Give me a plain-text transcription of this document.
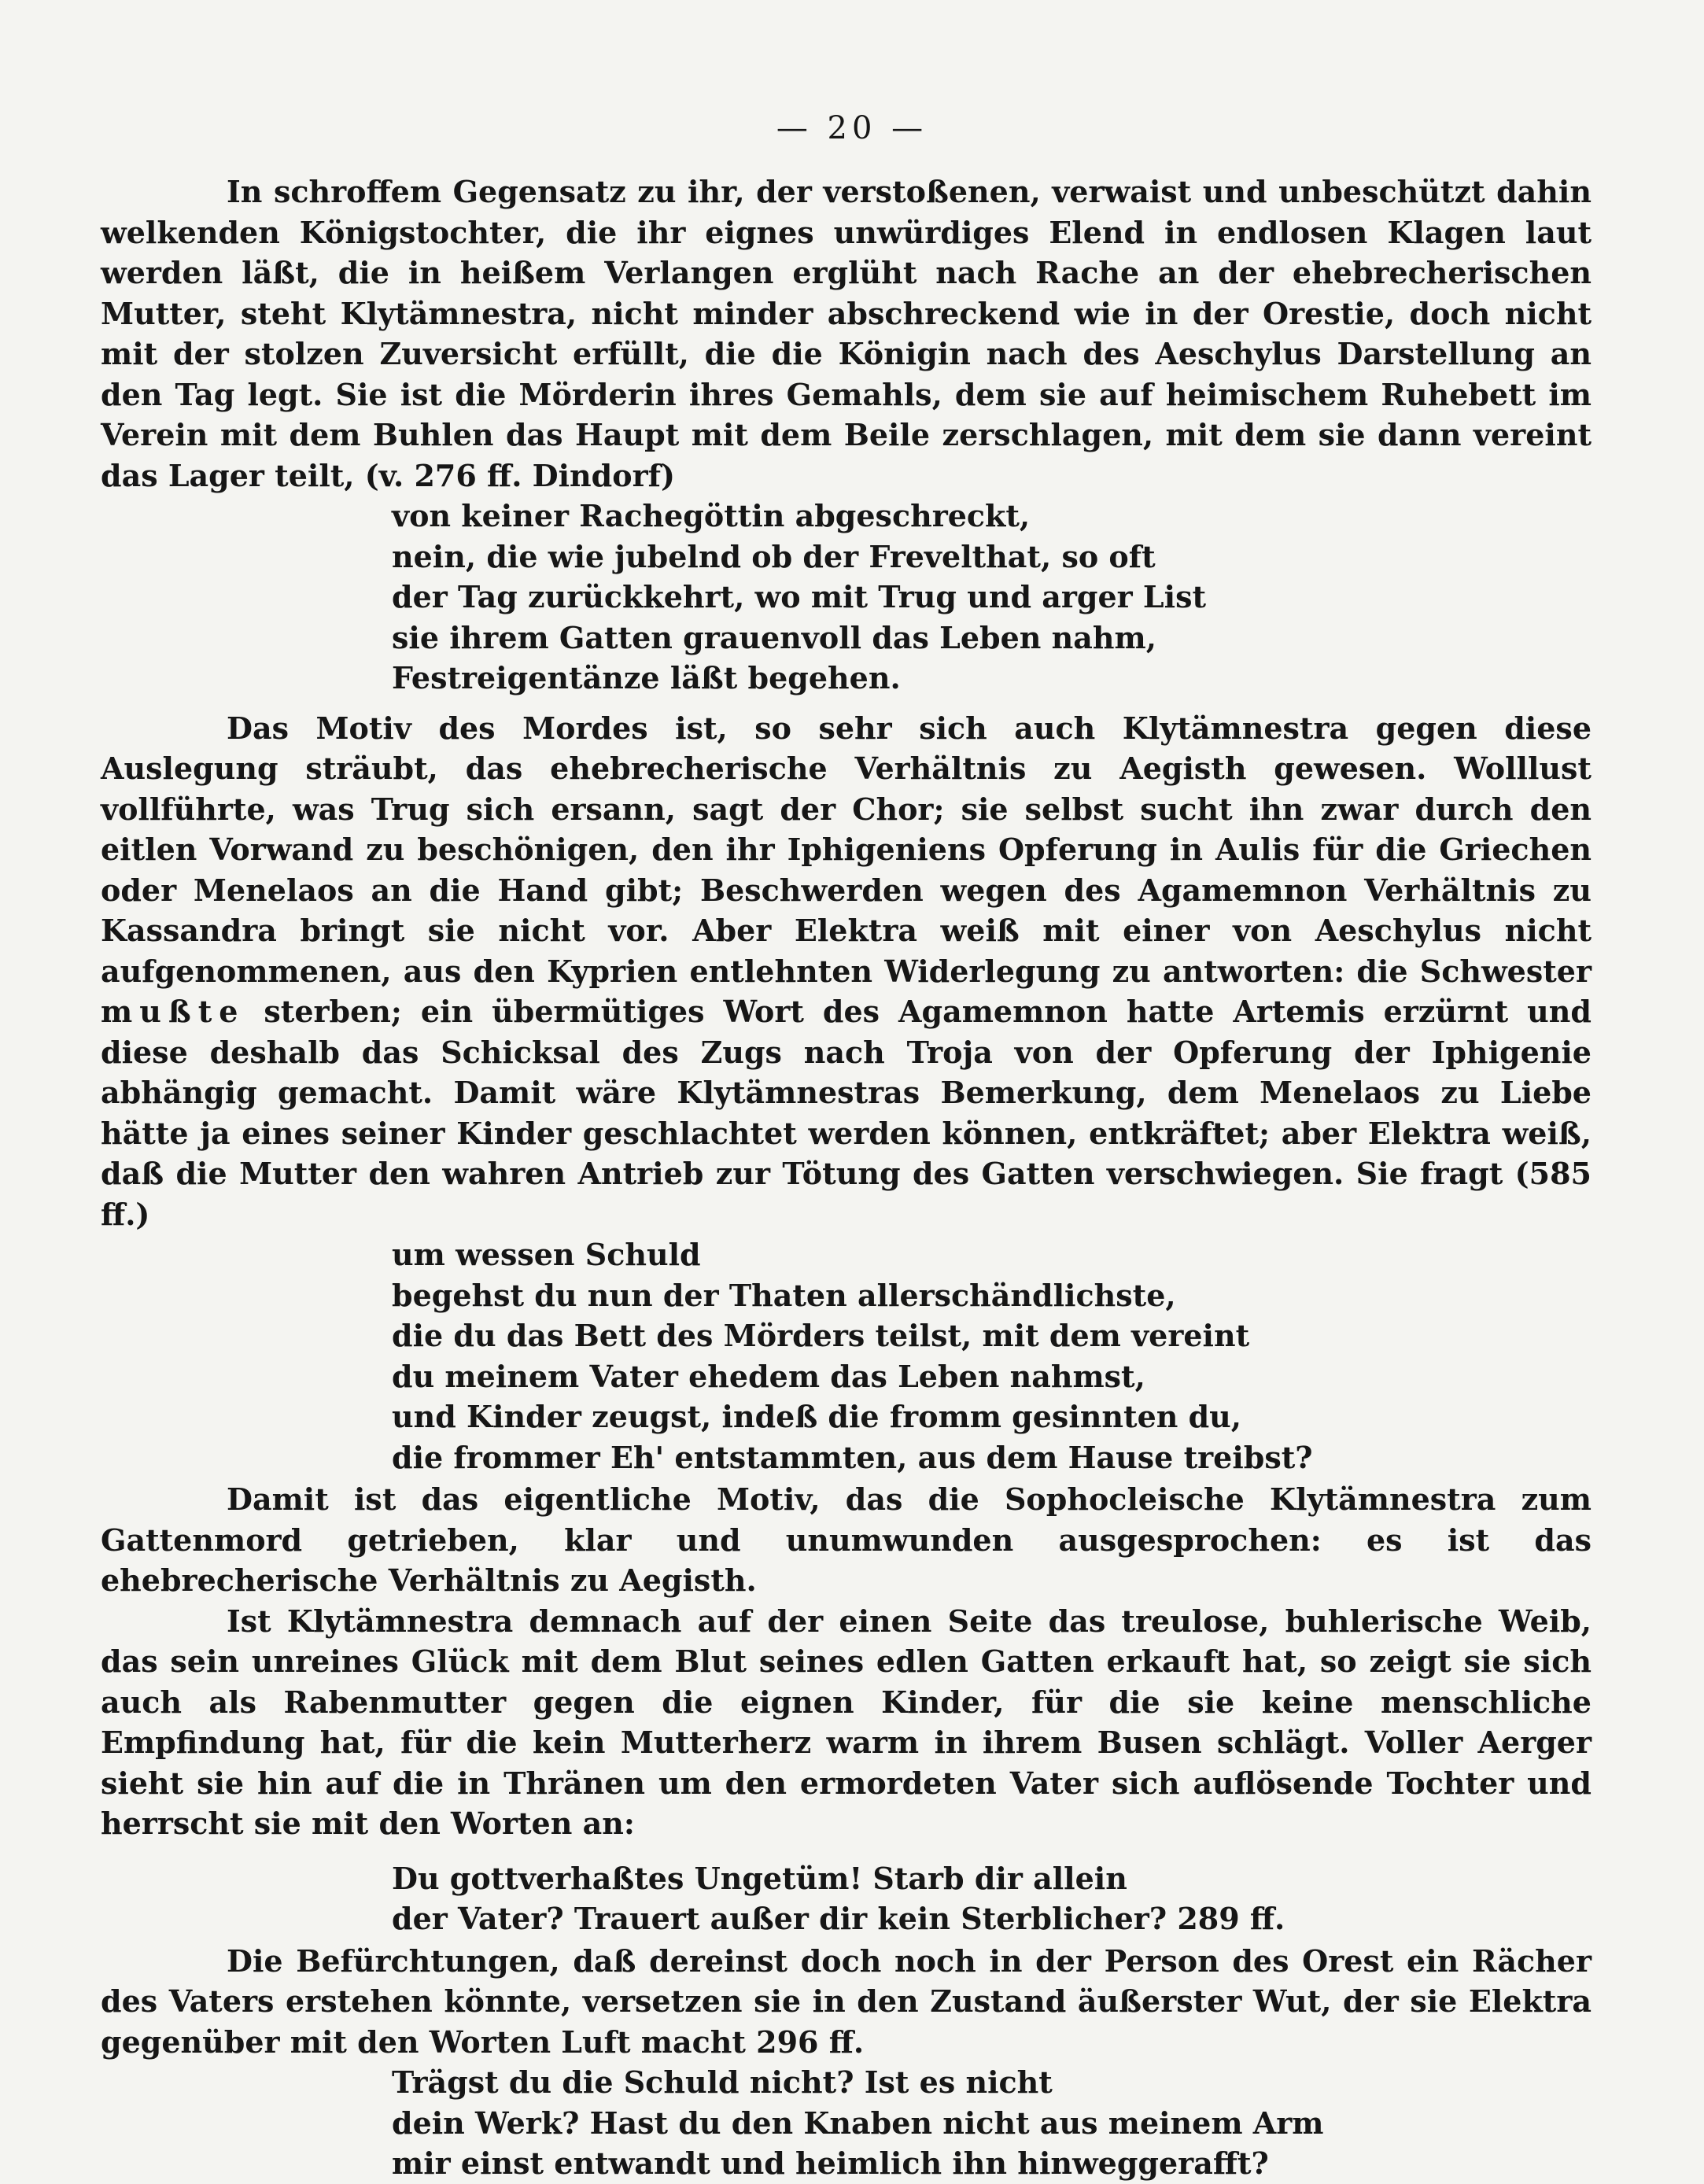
— 20 —

In schroffem Gegensatz zu ihr, der verstoßenen, verwaist und unbeschützt dahin welkenden Königstochter, die ihr eignes unwürdiges Elend in endlosen Klagen laut werden läßt, die in heißem Verlangen erglüht nach Rache an der ehebrecherischen Mutter, steht Klytämnestra, nicht minder abschreckend wie in der Orestie, doch nicht mit der stolzen Zuversicht erfüllt, die die Königin nach des Aeschylus Darstellung an den Tag legt. Sie ist die Mörderin ihres Gemahls, dem sie auf heimischem Ruhebett im Verein mit dem Buhlen das Haupt mit dem Beile zerschlagen, mit dem sie dann vereint das Lager teilt, (v. 276 ff. Dindorf)

von keiner Rachegöttin abgeschreckt,
nein, die wie jubelnd ob der Frevelthat, so oft
der Tag zurückkehrt, wo mit Trug und arger List
sie ihrem Gatten grauenvoll das Leben nahm,
Festreigentänze läßt begehen.

Das Motiv des Mordes ist, so sehr sich auch Klytämnestra gegen diese Auslegung sträubt, das ehebrecherische Verhältnis zu Aegisth gewesen. Wolllust vollführte, was Trug sich ersann, sagt der Chor; sie selbst sucht ihn zwar durch den eitlen Vorwand zu beschönigen, den ihr Iphigeniens Opferung in Aulis für die Griechen oder Menelaos an die Hand gibt; Beschwerden wegen des Agamemnon Verhältnis zu Kassandra bringt sie nicht vor. Aber Elektra weiß mit einer von Aeschylus nicht aufgenommenen, aus den Kyprien entlehnten Widerlegung zu antworten: die Schwester mußte sterben; ein übermütiges Wort des Agamemnon hatte Artemis erzürnt und diese deshalb das Schicksal des Zugs nach Troja von der Opferung der Iphigenie abhängig gemacht. Damit wäre Klytämnestras Bemerkung, dem Menelaos zu Liebe hätte ja eines seiner Kinder geschlachtet werden können, entkräftet; aber Elektra weiß, daß die Mutter den wahren Antrieb zur Tötung des Gatten verschwiegen. Sie fragt (585 ff.)

um wessen Schuld
begehst du nun der Thaten allerschändlichste,
die du das Bett des Mörders teilst, mit dem vereint
du meinem Vater ehedem das Leben nahmst,
und Kinder zeugst, indeß die fromm gesinnten du,
die frommer Eh' entstammten, aus dem Hause treibst?

Damit ist das eigentliche Motiv, das die Sophocleische Klytämnestra zum Gattenmord getrieben, klar und unumwunden ausgesprochen: es ist das ehebrecherische Verhältnis zu Aegisth.

Ist Klytämnestra demnach auf der einen Seite das treulose, buhlerische Weib, das sein unreines Glück mit dem Blut seines edlen Gatten erkauft hat, so zeigt sie sich auch als Rabenmutter gegen die eignen Kinder, für die sie keine menschliche Empfindung hat, für die kein Mutterherz warm in ihrem Busen schlägt. Voller Aerger sieht sie hin auf die in Thränen um den ermordeten Vater sich auflösende Tochter und herrscht sie mit den Worten an:

Du gottverhaßtes Ungetüm! Starb dir allein
der Vater? Trauert außer dir kein Sterblicher? 289 ff.

Die Befürchtungen, daß dereinst doch noch in der Person des Orest ein Rächer des Vaters erstehen könnte, versetzen sie in den Zustand äußerster Wut, der sie Elektra gegenüber mit den Worten Luft macht 296 ff.

Trägst du die Schuld nicht? Ist es nicht
dein Werk? Hast du den Knaben nicht aus meinem Arm
mir einst entwandt und heimlich ihn hinweggerafft?
